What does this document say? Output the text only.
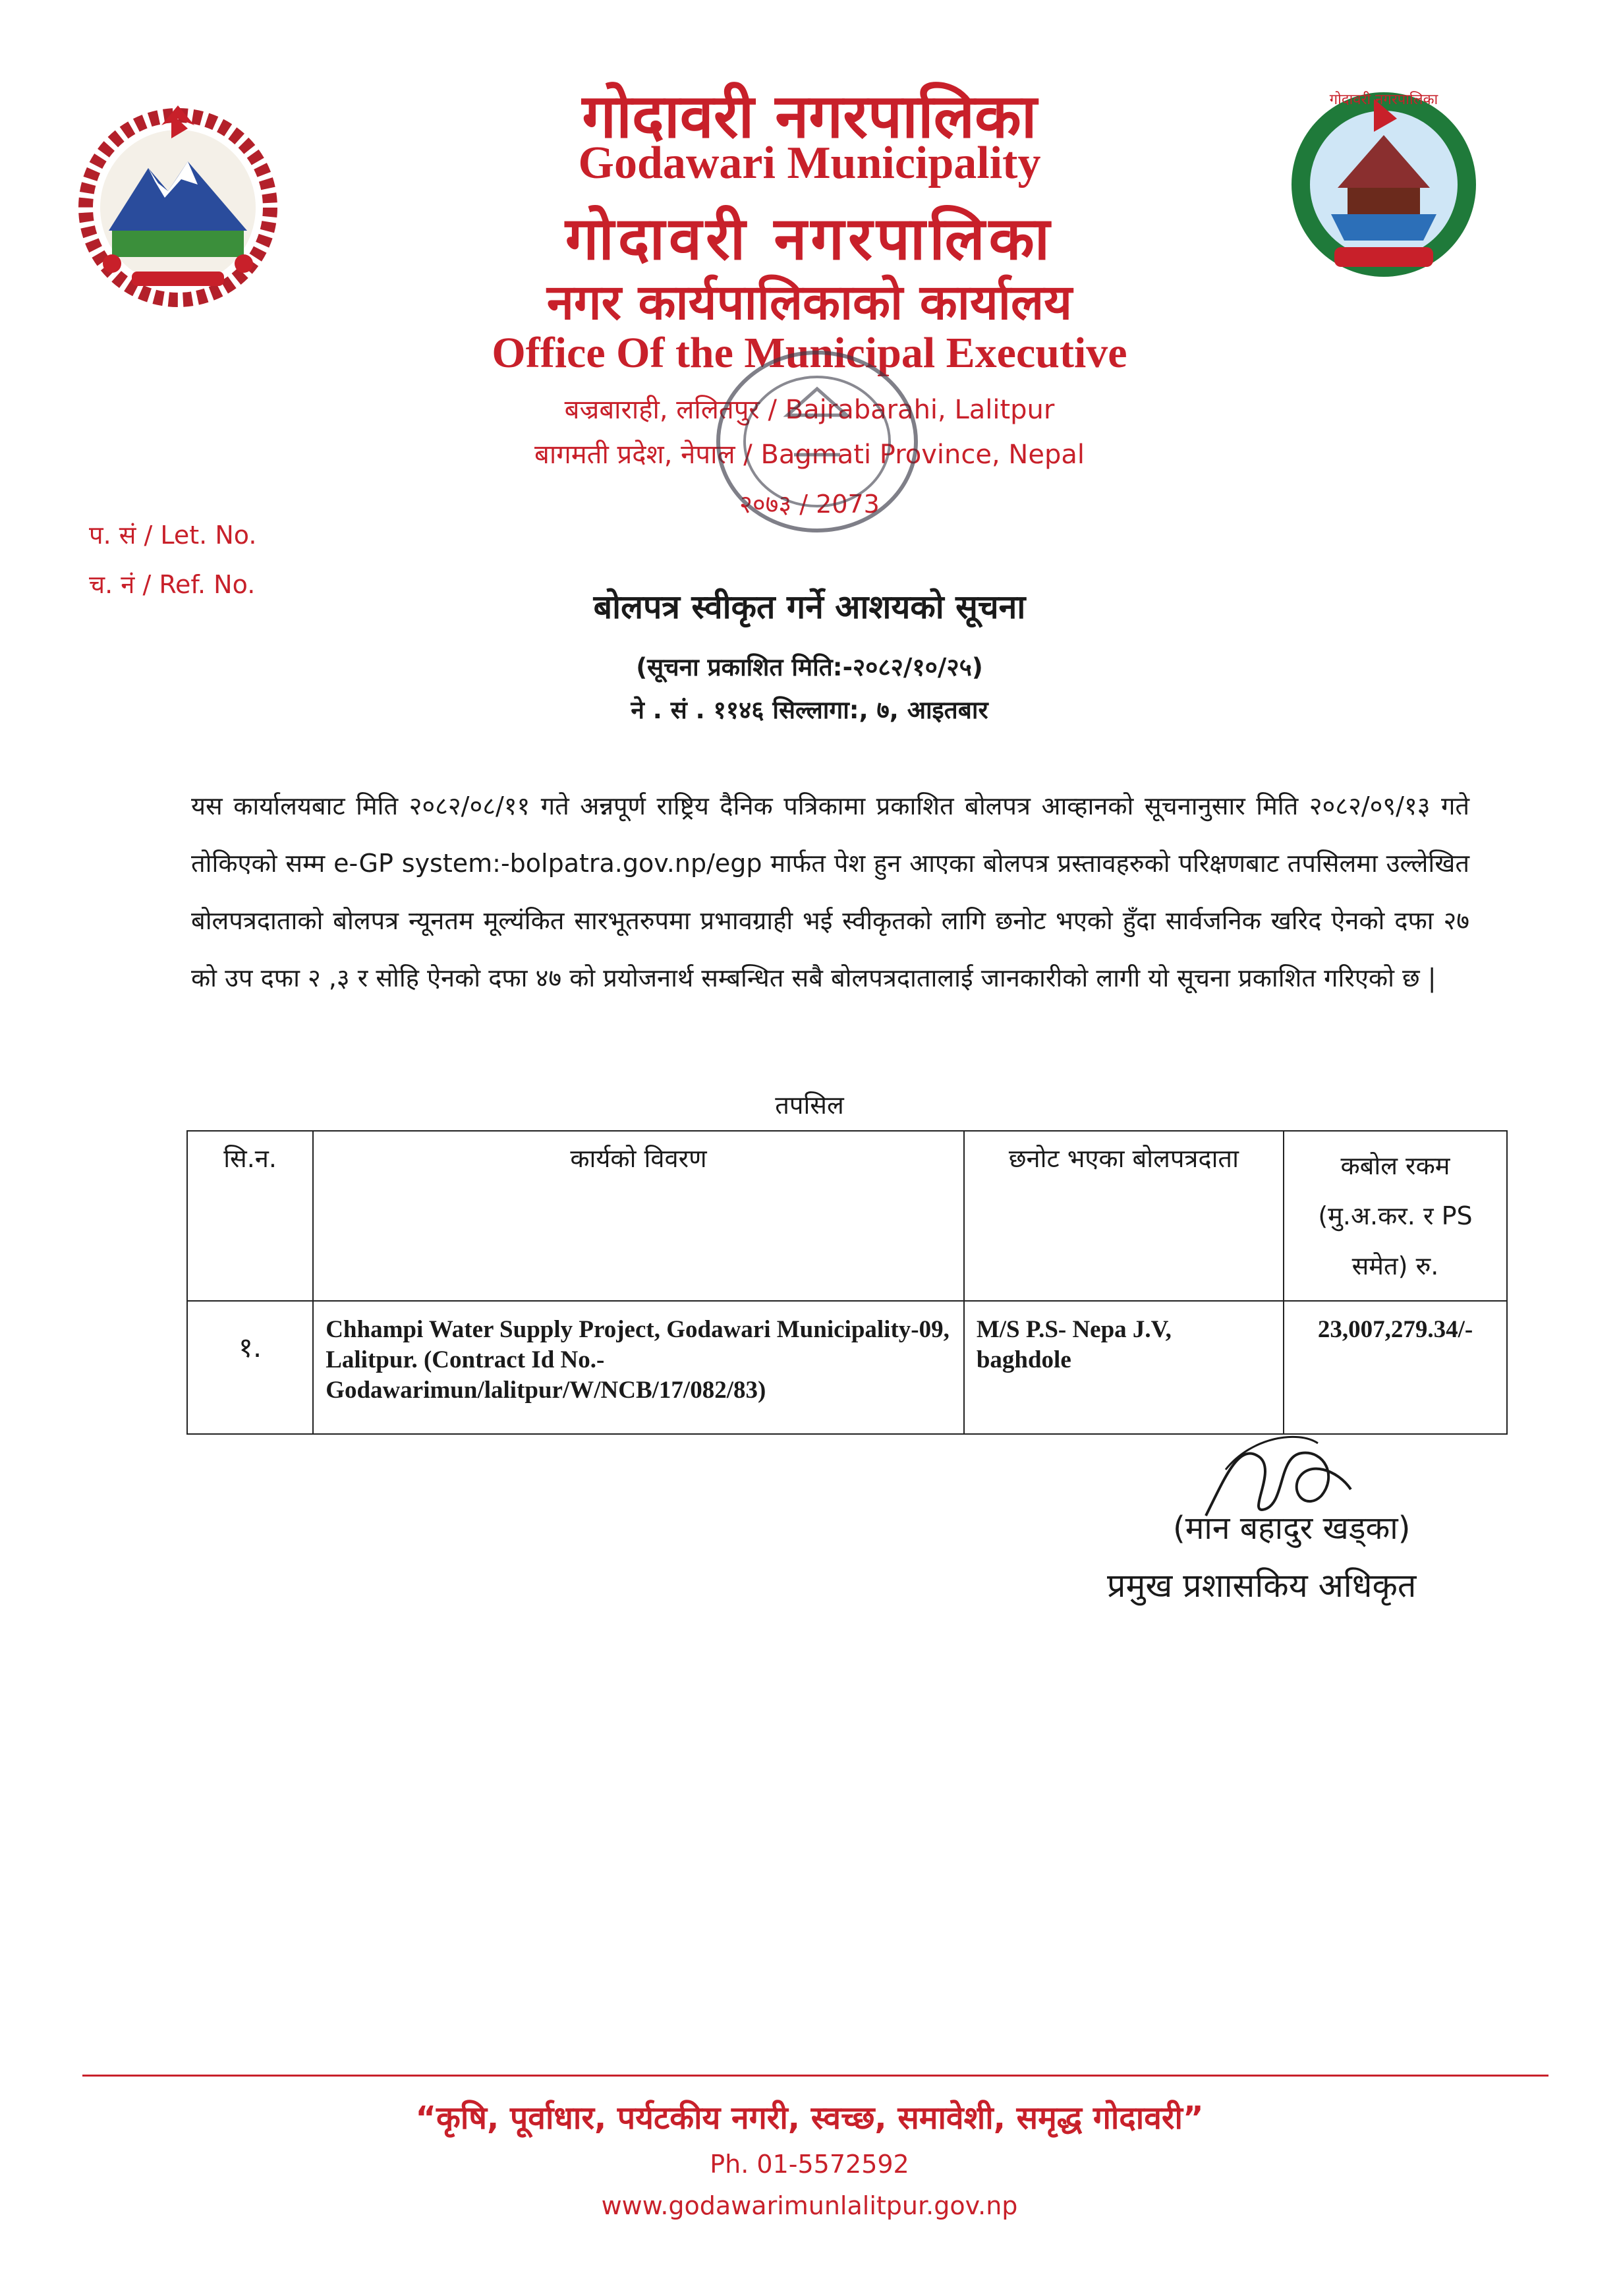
गोदावरी नगरपालिका
गोदावरी नगरपालिका
Godawari Municipality
गोदावरी नगरपालिका
नगर कार्यपालिकाको कार्यालय
Office Of the Municipal Executive
बज्रबाराही, ललितपुर / Bajrabarahi, Lalitpur
बागमती प्रदेश, नेपाल / Bagmati Province, Nepal
२०७३ / 2073
प. सं / Let. No.
च. नं / Ref. No.
बोलपत्र स्वीकृत गर्ने आशयको सूचना
(सूचना प्रकाशित मिति:-२०८२/१०/२५)
ने . सं . ११४६ सिल्लागा:, ७, आइतबार
यस कार्यालयबाट मिति २०८२/०८/११ गते अन्नपूर्ण राष्ट्रिय दैनिक पत्रिकामा प्रकाशित बोलपत्र आव्हानको सूचनानुसार मिति २०८२/०९/१३ गते तोकिएको सम्म e-GP system:-bolpatra.gov.np/egp मार्फत पेश हुन आएका बोलपत्र प्रस्तावहरुको परिक्षणबाट तपसिलमा उल्लेखित बोलपत्रदाताको बोलपत्र न्यूनतम मूल्यंकित सारभूतरुपमा प्रभावग्राही भई स्वीकृतको लागि छनोट भएको हुँदा सार्वजनिक खरिद ऐनको दफा २७ को उप दफा २ ,३ र सोहि ऐनको दफा ४७ को प्रयोजनार्थ सम्बन्धित सबै बोलपत्रदातालाई जानकारीको लागी यो सूचना प्रकाशित गरिएको छ |
तपसिल
सि.न.	कार्यको विवरण	छनोट भएका बोलपत्रदाता	कबोल रकम (मु.अ.कर. र PS समेत) रु.
१.	Chhampi Water Supply Project, Godawari Municipality-09, Lalitpur. (Contract Id No.- Godawarimun/lalitpur/W/NCB/17/082/83)	M/S P.S- Nepa J.V, baghdole	23,007,279.34/-
(मान बहादुर खड्का)
प्रमुख प्रशासकिय अधिकृत
“कृषि, पूर्वाधार, पर्यटकीय नगरी, स्वच्छ, समावेशी, समृद्ध गोदावरी”
Ph. 01-5572592
www.godawarimunlalitpur.gov.np
